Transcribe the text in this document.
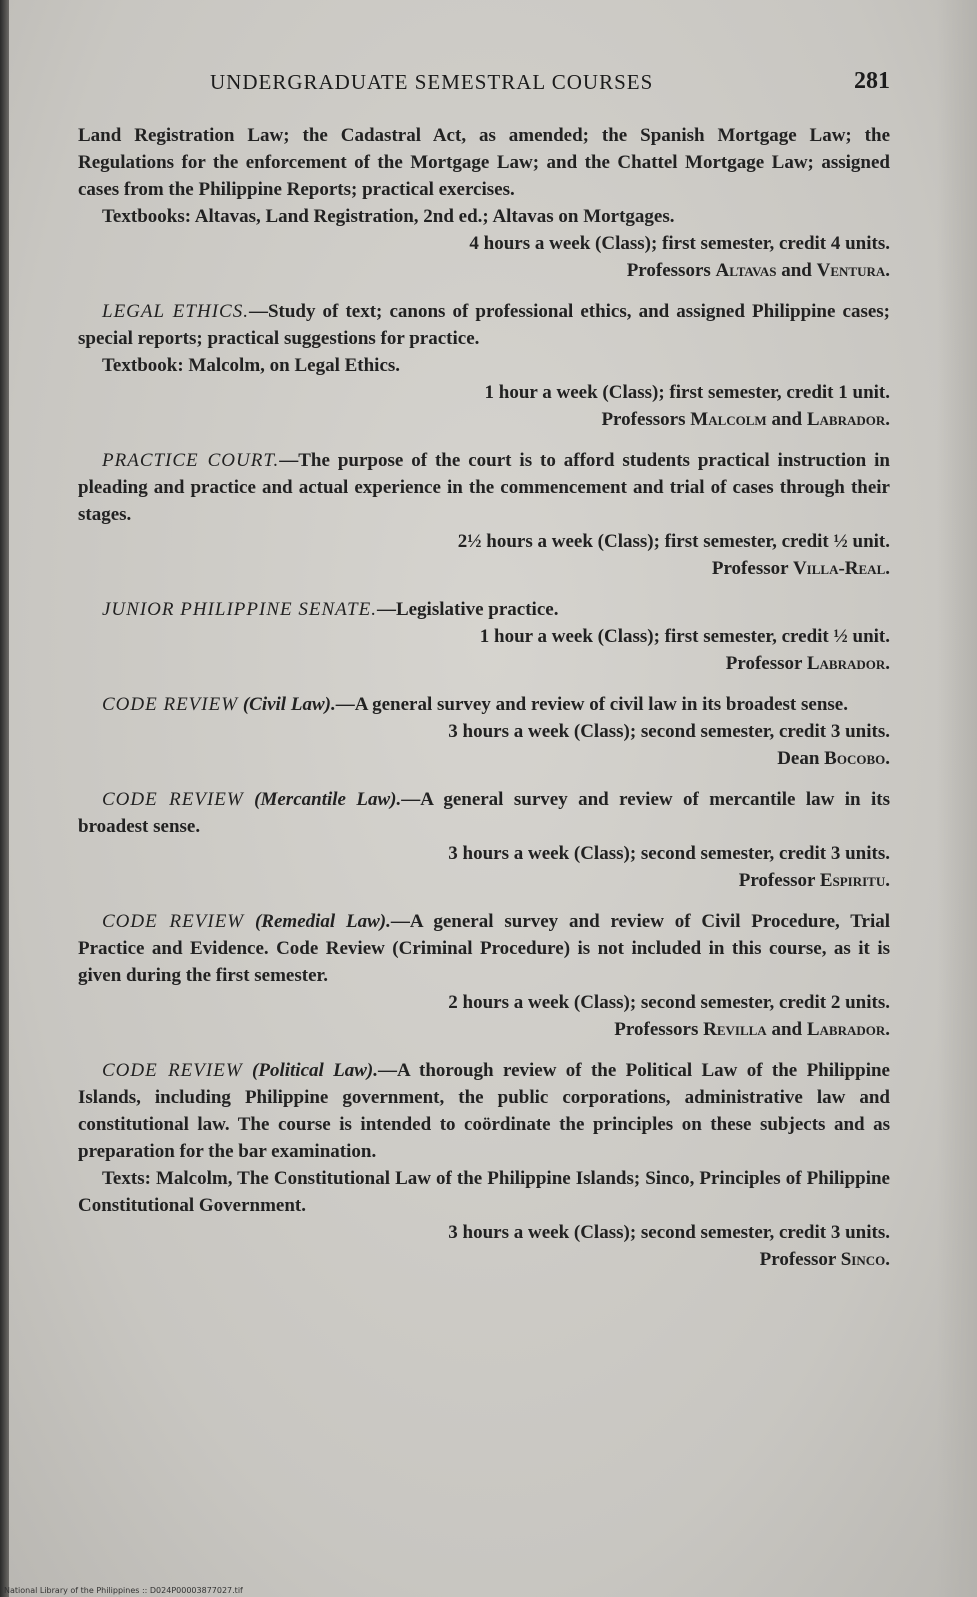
UNDERGRADUATE SEMESTRAL COURSES	281

Land Registration Law; the Cadastral Act, as amended; the Spanish Mortgage Law; the Regulations for the enforcement of the Mortgage Law; and the Chattel Mortgage Law; assigned cases from the Philippine Reports; practical exercises.

Textbooks: Altavas, Land Registration, 2nd ed.; Altavas on Mortgages.

4 hours a week (Class); first semester, credit 4 units.

Professors Altavas and Ventura.

LEGAL ETHICS.—Study of text; canons of professional ethics, and assigned Philippine cases; special reports; practical suggestions for practice.

Textbook: Malcolm, on Legal Ethics.

1 hour a week (Class); first semester, credit 1 unit.

Professors Malcolm and Labrador.

PRACTICE COURT.—The purpose of the court is to afford students practical instruction in pleading and practice and actual experience in the commencement and trial of cases through their stages.

2½ hours a week (Class); first semester, credit ½ unit.

Professor Villa-Real.

JUNIOR PHILIPPINE SENATE.—Legislative practice.

1 hour a week (Class); first semester, credit ½ unit.

Professor Labrador.

CODE REVIEW (Civil Law).—A general survey and review of civil law in its broadest sense.

3 hours a week (Class); second semester, credit 3 units.

Dean Bocobo.

CODE REVIEW (Mercantile Law).—A general survey and review of mercantile law in its broadest sense.

3 hours a week (Class); second semester, credit 3 units.

Professor Espiritu.

CODE REVIEW (Remedial Law).—A general survey and review of Civil Procedure, Trial Practice and Evidence. Code Review (Criminal Procedure) is not included in this course, as it is given during the first semester.

2 hours a week (Class); second semester, credit 2 units.

Professors Revilla and Labrador.

CODE REVIEW (Political Law).—A thorough review of the Political Law of the Philippine Islands, including Philippine government, the public corporations, administrative law and constitutional law. The course is intended to coördinate the principles on these subjects and as preparation for the bar examination.

Texts: Malcolm, The Constitutional Law of the Philippine Islands; Sinco, Principles of Philippine Constitutional Government.

3 hours a week (Class); second semester, credit 3 units.

Professor Sinco.

National Library of the Philippines :: D024P00003877027.tif
